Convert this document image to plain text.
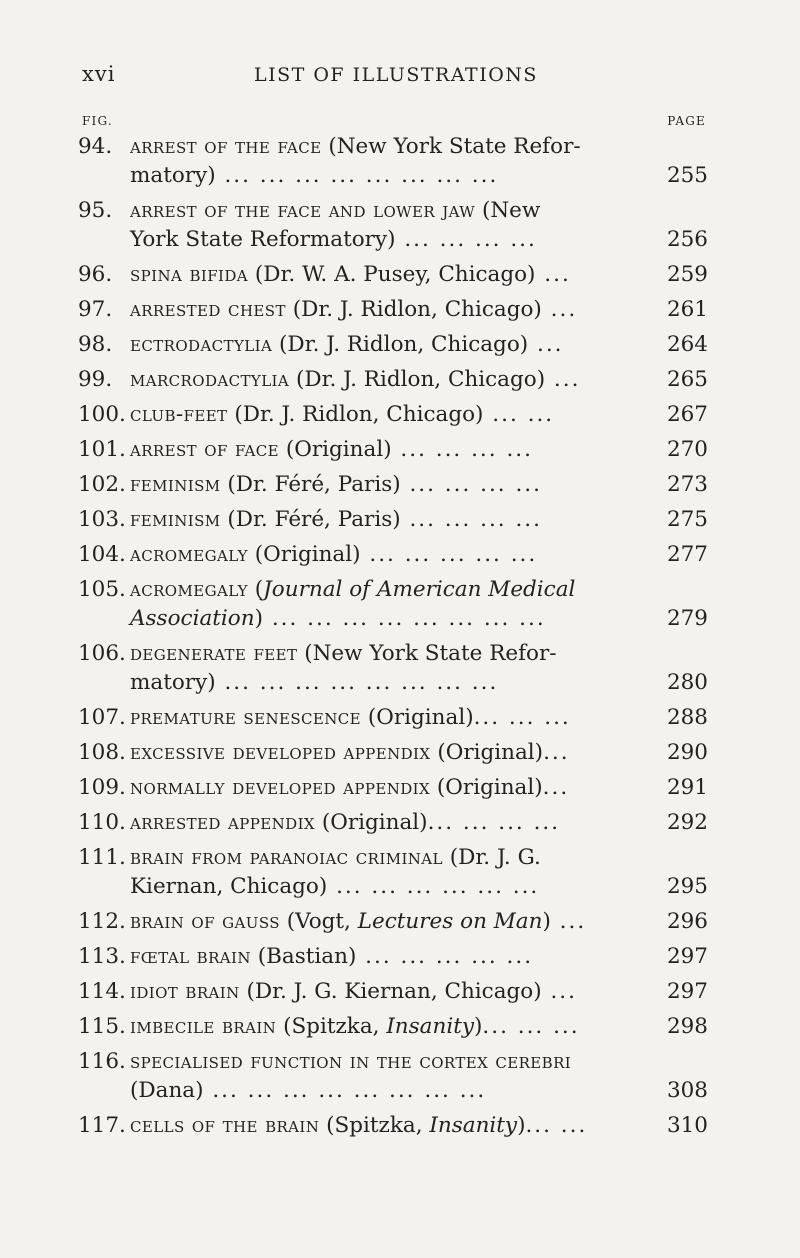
xvi	LIST OF ILLUSTRATIONS
FIG.	PAGE
94. arrest of the face (New York State Refor-
matory) ... ... ... ... ... ... ... ...	255
95. arrest of the face and lower jaw (New
York State Reformatory) ... ... ... ...	256
96. spina bifida (Dr. W. A. Pusey, Chicago) ...	259
97. arrested chest (Dr. J. Ridlon, Chicago) ...	261
98. ectrodactylia (Dr. J. Ridlon, Chicago) ...	264
99. marcrodactylia (Dr. J. Ridlon, Chicago) ...	265
100. club-feet (Dr. J. Ridlon, Chicago) ... ...	267
101. arrest of face (Original) ... ... ... ...	270
102. feminism (Dr. Féré, Paris) ... ... ... ...	273
103. feminism (Dr. Féré, Paris) ... ... ... ...	275
104. acromegaly (Original) ... ... ... ... ...	277
105. acromegaly (Journal of American Medical
Association) ... ... ... ... ... ... ... ...	279
106. degenerate feet (New York State Refor-
matory) ... ... ... ... ... ... ... ...	280
107. premature senescence (Original)... ... ...	288
108. excessive developed appendix (Original)...	290
109. normally developed appendix (Original)...	291
110. arrested appendix (Original)... ... ... ...	292
111. brain from paranoiac criminal (Dr. J. G.
Kiernan, Chicago) ... ... ... ... ... ...	295
112. brain of gauss (Vogt, Lectures on Man) ...	296
113. fœtal brain (Bastian) ... ... ... ... ...	297
114. idiot brain (Dr. J. G. Kiernan, Chicago) ...	297
115. imbecile brain (Spitzka, Insanity)... ... ...	298
116. specialised function in the cortex cerebri
(Dana) ... ... ... ... ... ... ... ...	308
117. cells of the brain (Spitzka, Insanity)... ...	310
